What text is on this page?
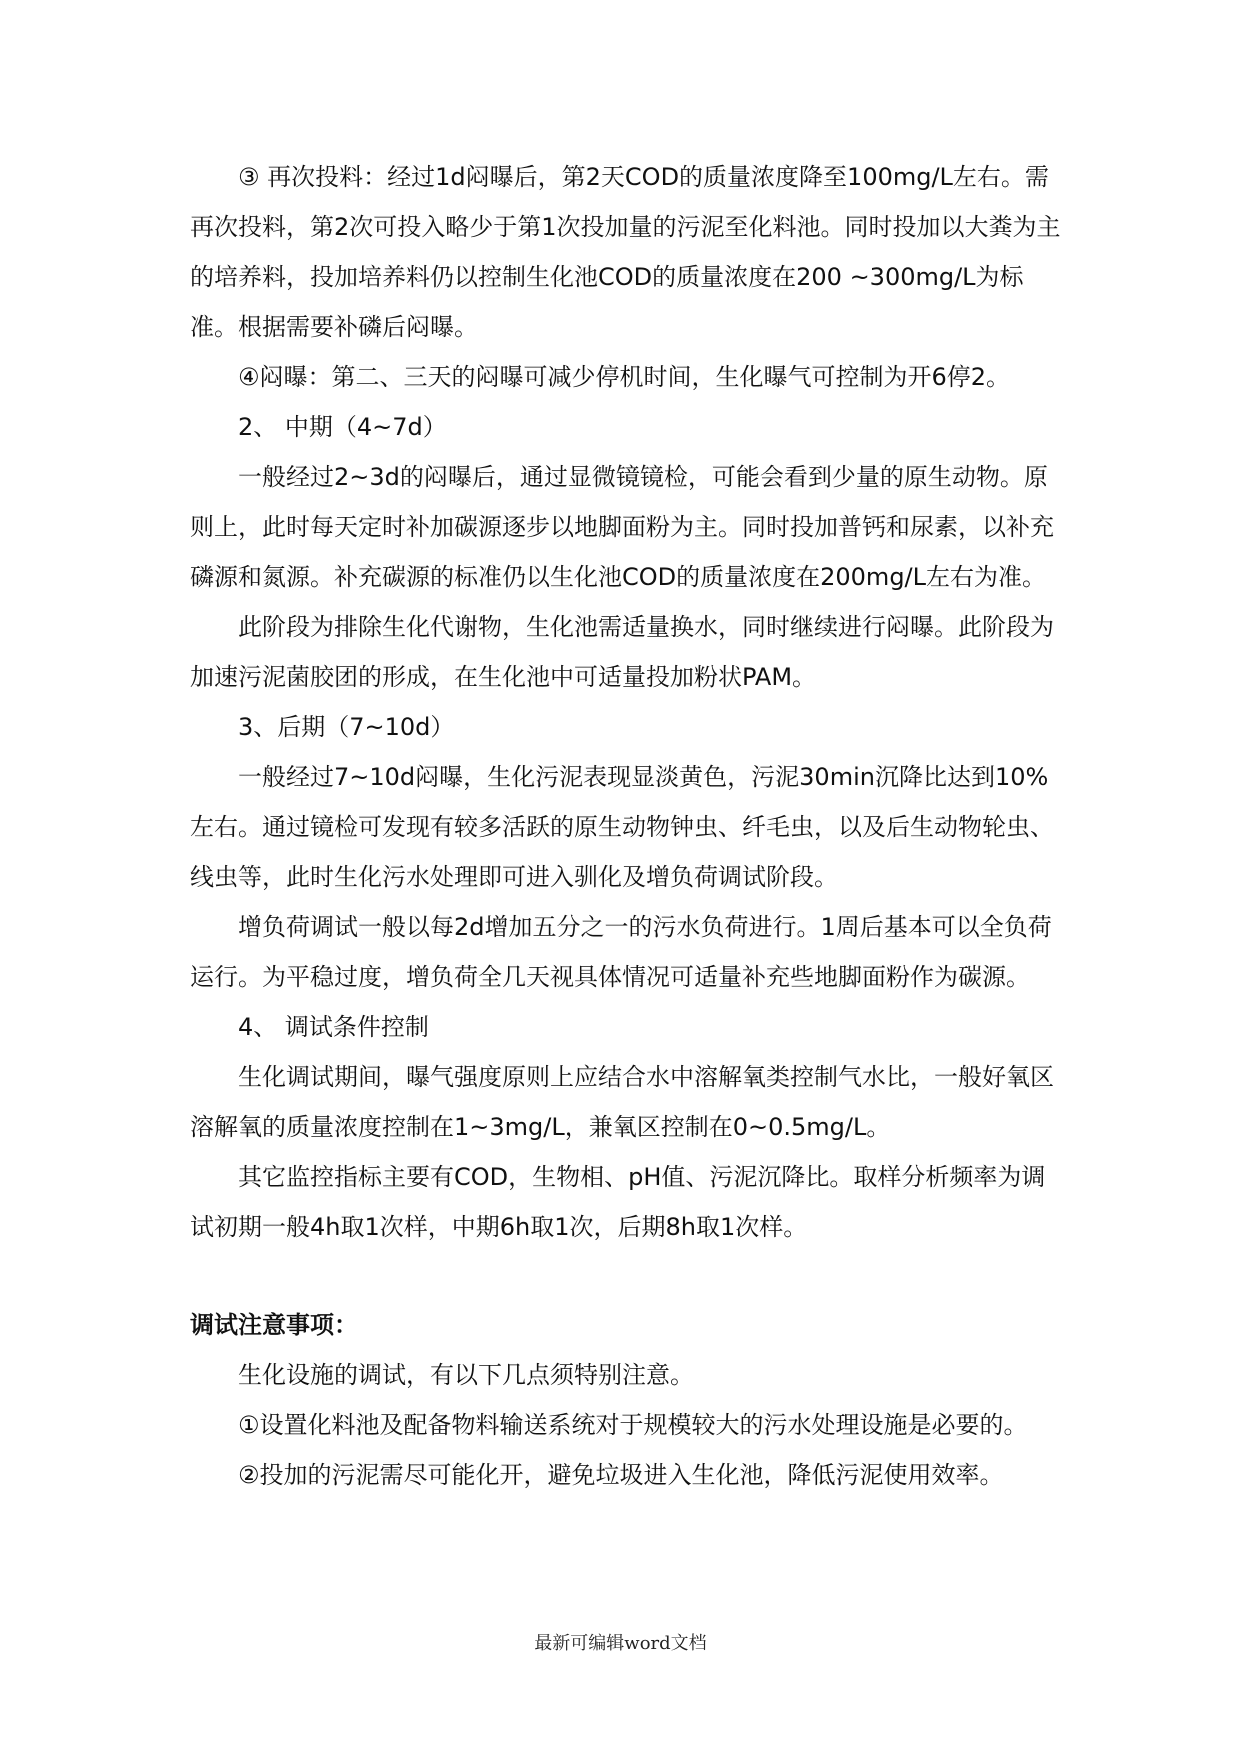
③ 再次投料：经过1d闷曝后，第2天COD的质量浓度降至100mg/L左右。需再次投料，第2次可投入略少于第1次投加量的污泥至化料池。同时投加以大粪为主的培养料，投加培养料仍以控制生化池COD的质量浓度在200 ~300mg/L为标准。根据需要补磷后闷曝。

④闷曝：第二、三天的闷曝可减少停机时间，生化曝气可控制为开6停2。

2、 中期（4~7d）

一般经过2~3d的闷曝后，通过显微镜镜检，可能会看到少量的原生动物。原则上，此时每天定时补加碳源逐步以地脚面粉为主。同时投加普钙和尿素，以补充磷源和氮源。补充碳源的标准仍以生化池COD的质量浓度在200mg/L左右为准。

此阶段为排除生化代谢物，生化池需适量换水，同时继续进行闷曝。此阶段为加速污泥菌胶团的形成，在生化池中可适量投加粉状PAM。

3、后期（7~10d）

一般经过7~10d闷曝，生化污泥表现显淡黄色，污泥30min沉降比达到10%左右。通过镜检可发现有较多活跃的原生动物钟虫、纤毛虫，以及后生动物轮虫、线虫等，此时生化污水处理即可进入驯化及增负荷调试阶段。

增负荷调试一般以每2d增加五分之一的污水负荷进行。1周后基本可以全负荷运行。为平稳过度，增负荷全几天视具体情况可适量补充些地脚面粉作为碳源。

4、 调试条件控制

生化调试期间，曝气强度原则上应结合水中溶解氧类控制气水比，一般好氧区溶解氧的质量浓度控制在1~3mg/L，兼氧区控制在0~0.5mg/L。

其它监控指标主要有COD，生物相、pH值、污泥沉降比。取样分析频率为调试初期一般4h取1次样，中期6h取1次，后期8h取1次样。

调试注意事项：

生化设施的调试，有以下几点须特别注意。

①设置化料池及配备物料输送系统对于规模较大的污水处理设施是必要的。

②投加的污泥需尽可能化开，避免垃圾进入生化池，降低污泥使用效率。

最新可编辑word文档
